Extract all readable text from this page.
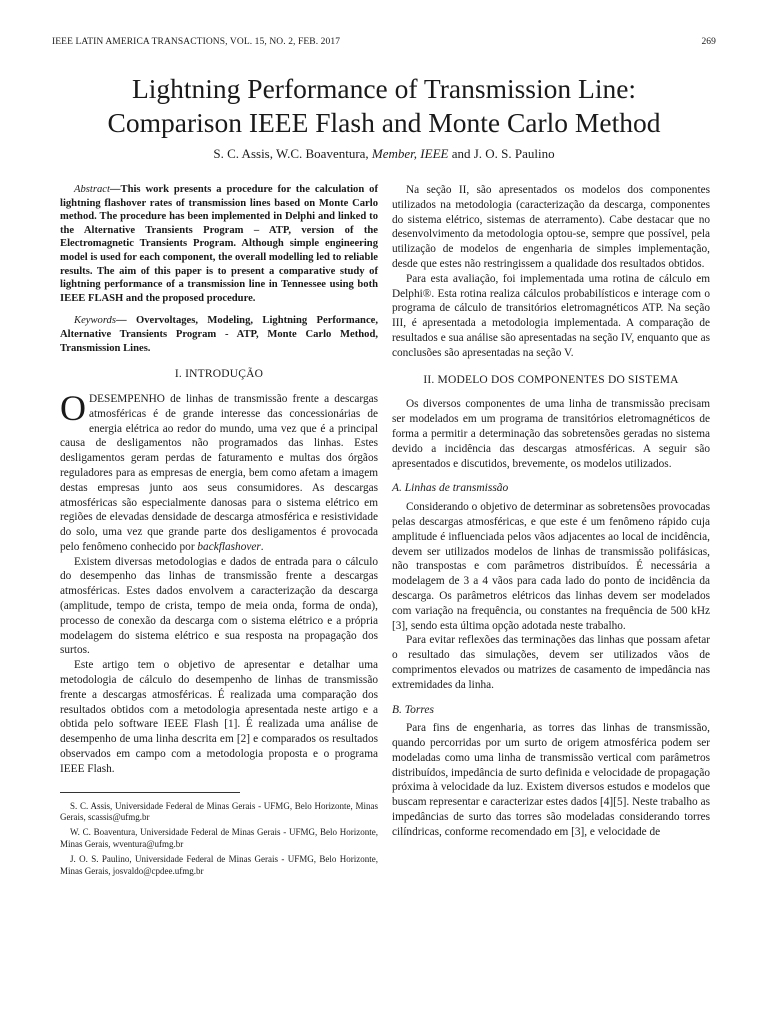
IEEE LATIN AMERICA TRANSACTIONS, VOL. 15, NO. 2, FEB. 2017	269
Lightning Performance of Transmission Line:
Comparison IEEE Flash and Monte Carlo Method
S. C. Assis, W.C. Boaventura, Member, IEEE and J. O. S. Paulino

Abstract—This work presents a procedure for the calculation of lightning flashover rates of transmission lines based on Monte Carlo method. The procedure has been implemented in Delphi and linked to the Alternative Transients Program – ATP, version of the Electromagnetic Transients Program. Although simple engineering model is used for each component, the overall modelling led to reliable results. The aim of this paper is to present a comparative study of lightning performance of a transmission line in Tennessee using both IEEE FLASH and the proposed procedure.

Keywords— Overvoltages, Modeling, Lightning Performance, Alternative Transients Program - ATP, Monte Carlo Method, Transmission Lines.

I. INTRODUÇÃO

ODESEMPENHO de linhas de transmissão frente a descargas atmosféricas é de grande interesse das concessionárias de energia elétrica ao redor do mundo, uma vez que é a principal causa de desligamentos não programados das linhas. Estes desligamentos geram perdas de faturamento e multas dos órgãos reguladores para as empresas de energia, bem como afetam a imagem destas empresas junto aos seus consumidores. As descargas atmosféricas são especialmente danosas para o sistema elétrico em regiões de elevadas densidade de descarga atmosférica e resistividade do solo, uma vez que grande parte dos desligamentos é provocada pelo fenômeno conhecido por backflashover.

Existem diversas metodologias e dados de entrada para o cálculo do desempenho das linhas de transmissão frente a descargas atmosféricas. Estes dados envolvem a caracterização da descarga (amplitude, tempo de crista, tempo de meia onda, forma de onda), processo de conexão da descarga com o sistema elétrico e a própria modelagem do sistema elétrico e sua resposta na propagação dos surtos.

Este artigo tem o objetivo de apresentar e detalhar uma metodologia de cálculo do desempenho de linhas de transmissão frente a descargas atmosféricas. É realizada uma comparação dos resultados obtidos com a metodologia apresentada neste artigo e a obtida pelo software IEEE Flash [1]. É realizada uma análise de desempenho de uma linha descrita em [2] e comparados os resultados observados em campo com a metodologia proposta e o programa IEEE Flash.

S. C. Assis, Universidade Federal de Minas Gerais - UFMG, Belo Horizonte, Minas Gerais, scassis@ufmg.br

W. C. Boaventura, Universidade Federal de Minas Gerais - UFMG, Belo Horizonte, Minas Gerais, wventura@ufmg.br

J. O. S. Paulino, Universidade Federal de Minas Gerais - UFMG, Belo Horizonte, Minas Gerais, josvaldo@cpdee.ufmg.br

Na seção II, são apresentados os modelos dos componentes utilizados na metodologia (caracterização da descarga, componentes do sistema elétrico, sistemas de aterramento). Cabe destacar que no desenvolvimento da metodologia optou-se, sempre que possível, pela utilização de modelos de engenharia de simples implementação, desde que estes não restringissem a qualidade dos resultados obtidos.

Para esta avaliação, foi implementada uma rotina de cálculo em Delphi®. Esta rotina realiza cálculos probabilísticos e interage com o programa de cálculo de transitórios eletromagnéticos ATP. Na seção III, é apresentada a metodologia implementada. A comparação de resultados e sua análise são apresentadas na seção IV, enquanto que as conclusões são apresentadas na seção V.

II. MODELO DOS COMPONENTES DO SISTEMA

Os diversos componentes de uma linha de transmissão precisam ser modelados em um programa de transitórios eletromagnéticos de forma a permitir a determinação das sobretensões geradas no sistema devido a incidência das descargas atmosféricas. A seguir são apresentados e discutidos, brevemente, os modelos utilizados.

A. Linhas de transmissão

Considerando o objetivo de determinar as sobretensões provocadas pelas descargas atmosféricas, e que este é um fenômeno rápido cuja amplitude é influenciada pelos vãos adjacentes ao local de incidência, devem ser utilizados modelos de linhas de transmissão polifásicas, não transpostas e com parâmetros distribuídos. É necessária a modelagem de 3 a 4 vãos para cada lado do ponto de incidência da descarga. Os parâmetros elétricos das linhas devem ser modelados com variação na frequência, ou constantes na frequência de 500 kHz [3], sendo esta última opção adotada neste trabalho.

Para evitar reflexões das terminações das linhas que possam afetar o resultado das simulações, devem ser utilizados vãos de comprimentos elevados ou matrizes de casamento de impedância nas extremidades da linha.

B. Torres

Para fins de engenharia, as torres das linhas de transmissão, quando percorridas por um surto de origem atmosférica podem ser modeladas como uma linha de transmissão vertical com parâmetros distribuídos, impedância de surto definida e velocidade de propagação próxima à velocidade da luz. Existem diversos estudos e modelos que buscam representar e caracterizar estes dados [4][5]. Neste trabalho as impedâncias de surto das torres são modeladas considerando torres cilíndricas, conforme recomendado em [3], e velocidade de
